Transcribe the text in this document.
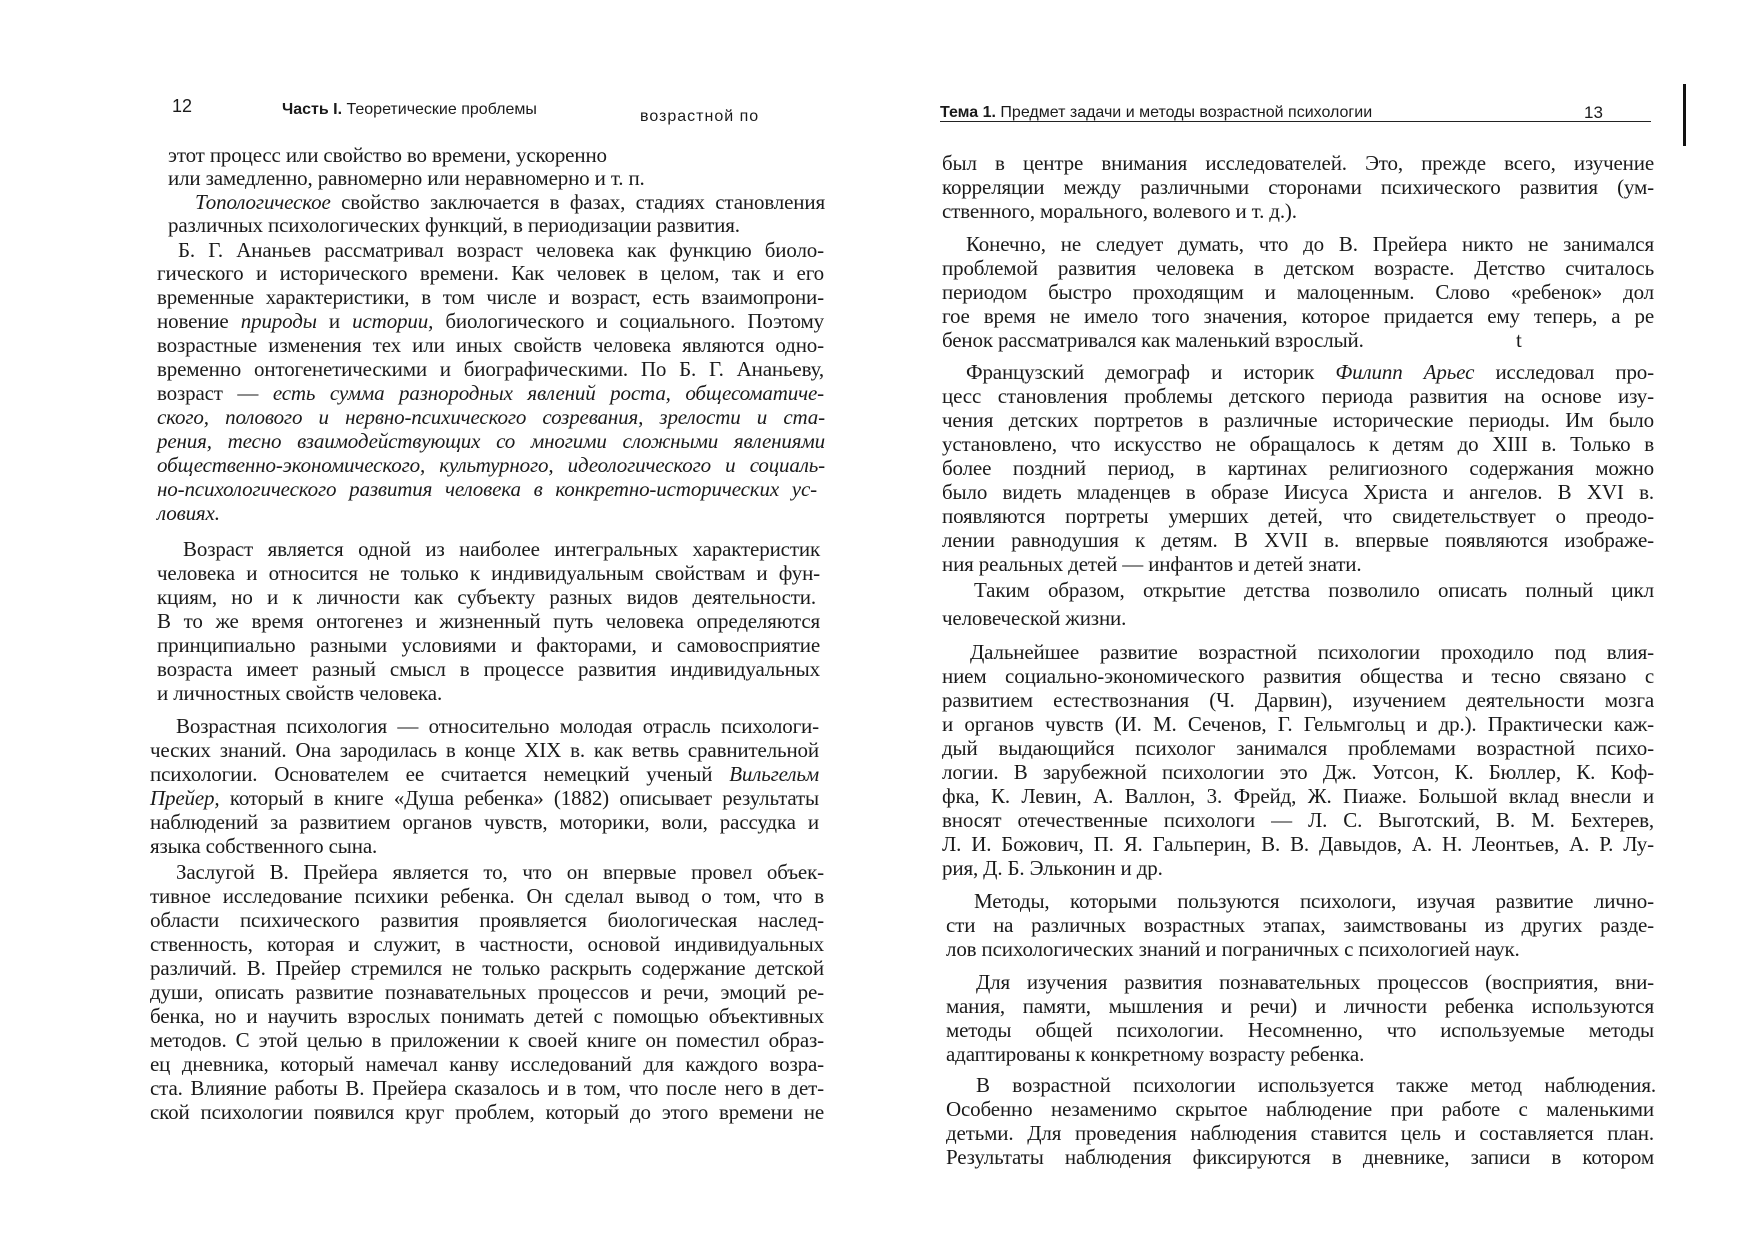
12	Часть I. Теоретические проблемы	возрастной по
этот процесс или свойство во времени, ускоренно
или замедленно, равномерно или неравномерно и т. п.
Топологическое свойство заключается в фазах, стадиях становления
различных психологических функций, в периодизации развития.
Б. Г. Ананьев рассматривал возраст человека как функцию биоло-
гического и исторического времени. Как человек в целом, так и его
временные характеристики, в том числе и возраст, есть взаимопрони-
новение природы и истории, биологического и социального. Поэтому
возрастные изменения тех или иных свойств человека являются одно-
временно онтогенетическими и биографическими. По Б. Г. Ананьеву,
возраст — есть сумма разнородных явлений роста, общесоматиче-
ского, полового и нервно-психического созревания, зрелости и ста-
рения, тесно взаимодействующих со многими сложными явлениями
общественно-экономического, культурного, идеологического и социаль-
но-психологического развития человека в конкретно-исторических ус-
ловиях.
Возраст является одной из наиболее интегральных характеристик
человека и относится не только к индивидуальным свойствам и фун-
кциям, но и к личности как субъекту разных видов деятельности.
В то же время онтогенез и жизненный путь человека определяются
принципиально разными условиями и факторами, и самовосприятие
возраста имеет разный смысл в процессе развития индивидуальных
и личностных свойств человека.
Возрастная психология — относительно молодая отрасль психологи-
ческих знаний. Она зародилась в конце XIX в. как ветвь сравнительной
психологии. Основателем ее считается немецкий ученый Вильгельм
Прейер, который в книге «Душа ребенка» (1882) описывает результаты
наблюдений за развитием органов чувств, моторики, воли, рассудка и
языка собственного сына.
Заслугой В. Прейера является то, что он впервые провел объек-
тивное исследование психики ребенка. Он сделал вывод о том, что в
области психического развития проявляется биологическая наслед-
ственность, которая и служит, в частности, основой индивидуальных
различий. В. Прейер стремился не только раскрыть содержание детской
души, описать развитие познавательных процессов и речи, эмоций ре-
бенка, но и научить взрослых понимать детей с помощью объективных
методов. С этой целью в приложении к своей книге он поместил образ-
ец дневника, который намечал канву исследований для каждого возра-
ста. Влияние работы В. Прейера сказалось и в том, что после него в дет-
ской психологии появился круг проблем, который до этого времени не
Тема 1. Предмет задачи и методы возрастной психологии	13
был в центре внимания исследователей. Это, прежде всего, изучение
корреляции между различными сторонами психического развития (ум-
ственного, морального, волевого и т. д.).
Конечно, не следует думать, что до В. Прейера никто не занимался
проблемой развития человека в детском возрасте. Детство считалось
периодом быстро проходящим и малоценным. Слово «ребенок» дол
гое время не имело того значения, которое придается ему теперь, а ре
бенок рассматривался как маленький взрослый.	t
Французский демограф и историк Филипп Арьес исследовал про-
цесс становления проблемы детского периода развития на основе изу-
чения детских портретов в различные исторические периоды. Им было
установлено, что искусство не обращалось к детям до XIII в. Только в
более поздний период, в картинах религиозного содержания можно
было видеть младенцев в образе Иисуса Христа и ангелов. В XVI в.
появляются портреты умерших детей, что свидетельствует о преодо-
лении равнодушия к детям. В XVII в. впервые появляются изображе-
ния реальных детей — инфантов и детей знати.
Таким образом, открытие детства позволило описать полный цикл
человеческой жизни.
Дальнейшее развитие возрастной психологии проходило под влия-
нием социально-экономического развития общества и тесно связано с
развитием естествознания (Ч. Дарвин), изучением деятельности мозга
и органов чувств (И. М. Сеченов, Г. Гельмгольц и др.). Практически каж-
дый выдающийся психолог занимался проблемами возрастной психо-
логии. В зарубежной психологии это Дж. Уотсон, К. Бюллер, К. Коф-
фка, К. Левин, А. Валлон, 3. Фрейд, Ж. Пиаже. Большой вклад внесли и
вносят отечественные психологи — Л. С. Выготский, В. М. Бехтерев,
Л. И. Божович, П. Я. Гальперин, В. В. Давыдов, А. Н. Леонтьев, А. Р. Лу-
рия, Д. Б. Эльконин и др.
Методы, которыми пользуются психологи, изучая развитие лично-
сти на различных возрастных этапах, заимствованы из других разде-
лов психологических знаний и пограничных с психологией наук.
Для изучения развития познавательных процессов (восприятия, вни-
мания, памяти, мышления и речи) и личности ребенка используются
методы общей психологии. Несомненно, что используемые методы
адаптированы к конкретному возрасту ребенка.
В возрастной психологии используется также метод наблюдения.
Особенно незаменимо скрытое наблюдение при работе с маленькими
детьми. Для проведения наблюдения ставится цель и составляется план.
Результаты наблюдения фиксируются в дневнике, записи в котором
